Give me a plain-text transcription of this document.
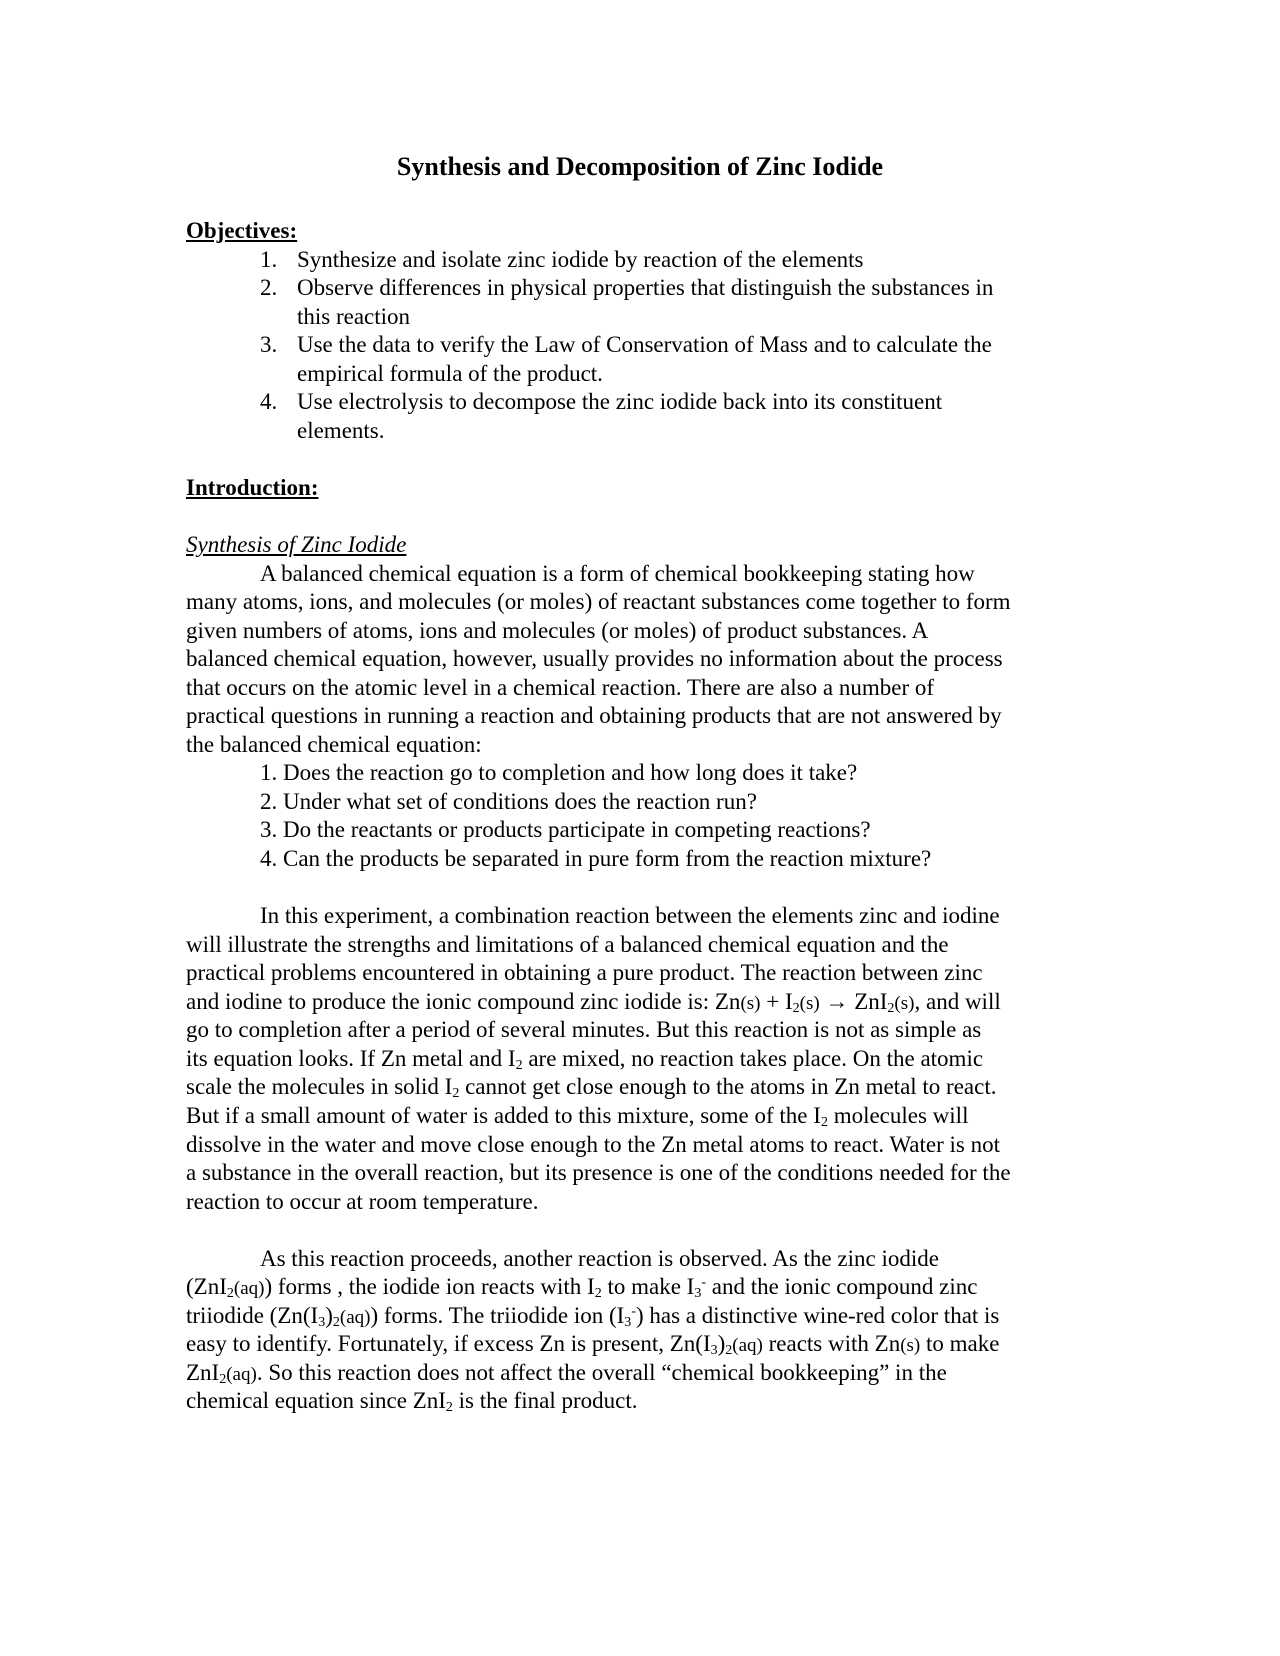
Synthesis and Decomposition of Zinc Iodide
Objectives:
1. Synthesize and isolate zinc iodide by reaction of the elements
2. Observe differences in physical properties that distinguish the substances in
this reaction
3. Use the data to verify the Law of Conservation of Mass and to calculate the
empirical formula of the product.
4. Use electrolysis to decompose the zinc iodide back into its constituent
elements.
Introduction:
Synthesis of Zinc Iodide
A balanced chemical equation is a form of chemical bookkeeping stating how
many atoms, ions, and molecules (or moles) of reactant substances come together to form
given numbers of atoms, ions and molecules (or moles) of product substances. A
balanced chemical equation, however, usually provides no information about the process
that occurs on the atomic level in a chemical reaction. There are also a number of
practical questions in running a reaction and obtaining products that are not answered by
the balanced chemical equation:
1. Does the reaction go to completion and how long does it take?
2. Under what set of conditions does the reaction run?
3. Do the reactants or products participate in competing reactions?
4. Can the products be separated in pure form from the reaction mixture?
In this experiment, a combination reaction between the elements zinc and iodine
will illustrate the strengths and limitations of a balanced chemical equation and the
practical problems encountered in obtaining a pure product. The reaction between zinc
and iodine to produce the ionic compound zinc iodide is: $Zn(s) + I_2(s) \to ZnI_2(s)$, and will
go to completion after a period of several minutes. But this reaction is not as simple as
its equation looks. If Zn metal and $I_2$ are mixed, no reaction takes place. On the atomic
scale the molecules in solid $I_2$ cannot get close enough to the atoms in Zn metal to react.
But if a small amount of water is added to this mixture, some of the $I_2$ molecules will
dissolve in the water and move close enough to the Zn metal atoms to react. Water is not
a substance in the overall reaction, but its presence is one of the conditions needed for the
reaction to occur at room temperature.
As this reaction proceeds, another reaction is observed. As the zinc iodide
(ZnI$_2$(aq)) forms , the iodide ion reacts with $I_2$ to make $I_3^-$ and the ionic compound zinc
triiodide $(Zn(I_3)_2(aq))$ forms. The triiodide ion $(I_3^-)$ has a distinctive wine-red color that is
easy to identify. Fortunately, if excess Zn is present, $Zn(I_3)_2(aq)$ reacts with Zn(s) to make
ZnI$_2$(aq). So this reaction does not affect the overall “chemical bookkeeping” in the
chemical equation since ZnI$_2$ is the final product.
